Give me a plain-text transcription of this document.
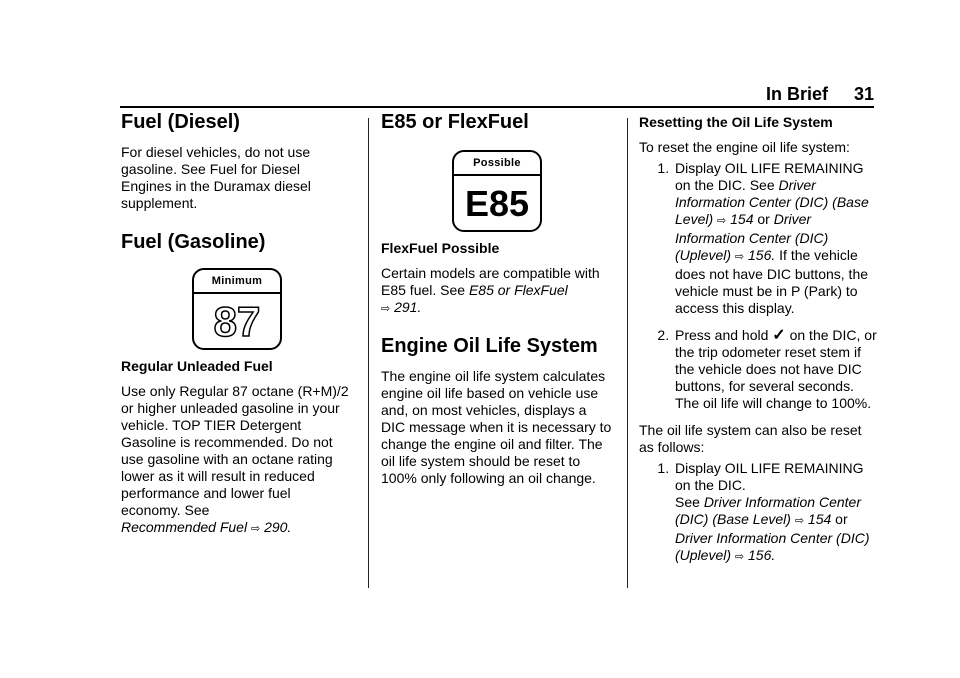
In Brief 31
Fuel (Diesel)

For diesel vehicles, do not use gasoline. See Fuel for Diesel Engines in the Duramax diesel supplement.

Fuel (Gasoline)
Minimum
87
Regular Unleaded Fuel

Use only Regular 87 octane (R+M)/2 or higher unleaded gasoline in your vehicle. TOP TIER Detergent Gasoline is recommended. Do not use gasoline with an octane rating lower as it will result in reduced performance and lower fuel economy. See
Recommended Fuel ⇨ 290.

E85 or FlexFuel
Possible
E85
FlexFuel Possible

Certain models are compatible with E85 fuel. See E85 or FlexFuel
⇨ 291.

Engine Oil Life System

The engine oil life system calculates engine oil life based on vehicle use and, on most vehicles, displays a DIC message when it is necessary to change the engine oil and filter. The oil life system should be reset to 100% only following an oil change.

Resetting the Oil Life System

To reset the engine oil life system:

1. Display OIL LIFE REMAINING on the DIC. See Driver Information Center (DIC) (Base Level) ⇨ 154 or Driver Information Center (DIC) (Uplevel) ⇨ 156. If the vehicle does not have DIC buttons, the vehicle must be in P (Park) to access this display.
2. Press and hold ✓ on the DIC, or the trip odometer reset stem if the vehicle does not have DIC buttons, for several seconds. The oil life will change to 100%.

The oil life system can also be reset as follows:

1. Display OIL LIFE REMAINING on the DIC.
See Driver Information Center (DIC) (Base Level) ⇨ 154 or Driver Information Center (DIC) (Uplevel) ⇨ 156.
